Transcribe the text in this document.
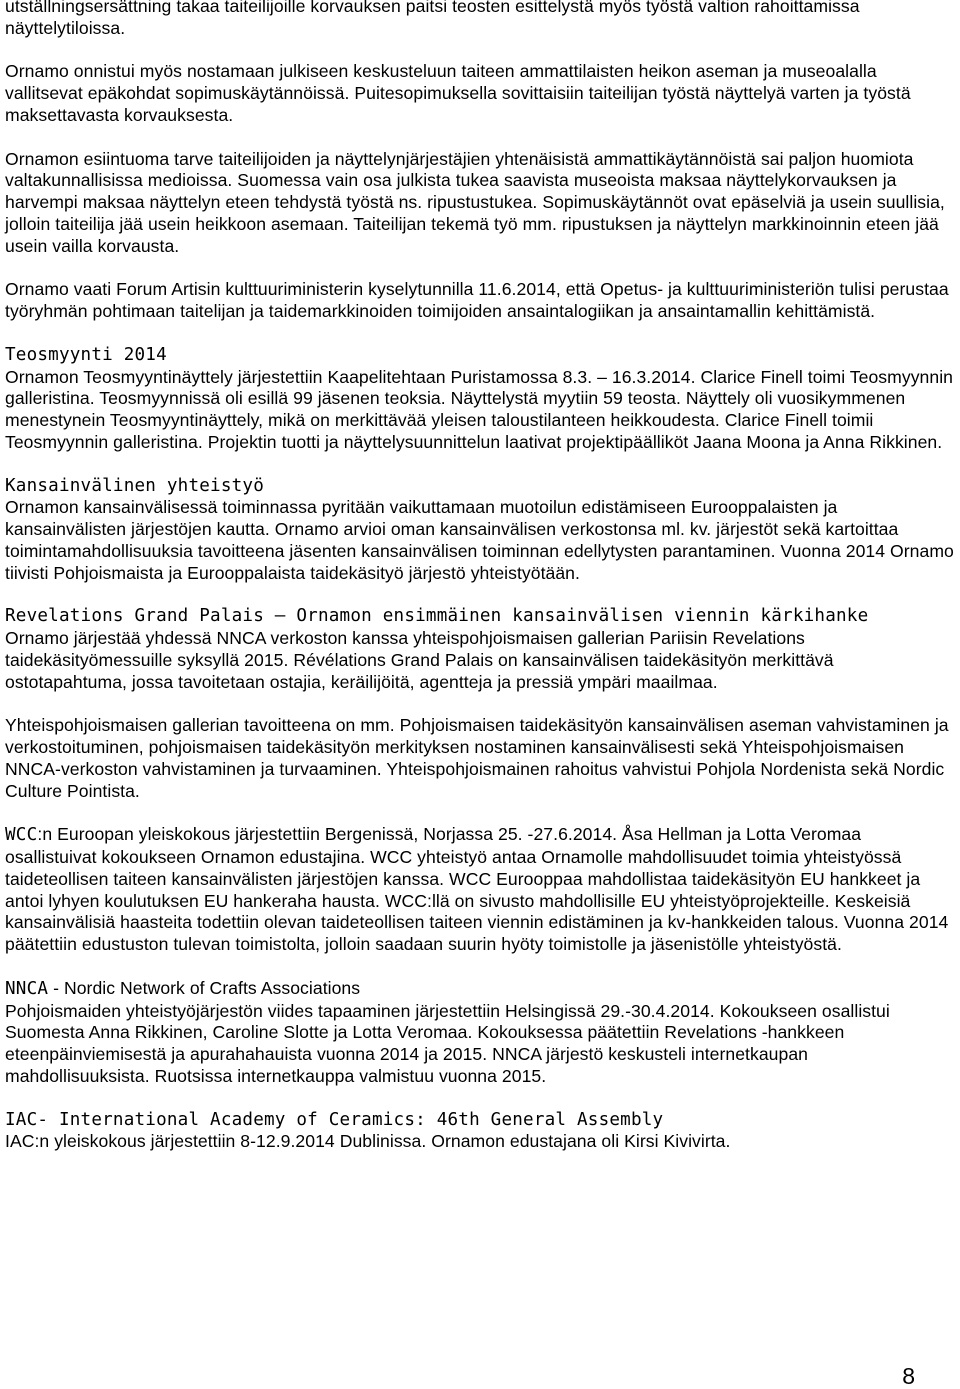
utställningsersättning takaa taiteilijoille korvauksen paitsi teosten esittelystä myös työstä valtion rahoittamissa näyttelytiloissa.

Ornamo onnistui myös nostamaan julkiseen keskusteluun taiteen ammattilaisten heikon aseman ja museoalalla vallitsevat epäkohdat sopimuskäytännöissä. Puitesopimuksella sovittaisiin taiteilijan työstä näyttelyä varten ja työstä maksettavasta korvauksesta.

Ornamon esiintuoma tarve taiteilijoiden ja näyttelynjärjestäjien yhtenäisistä ammattikäytännöistä sai paljon huomiota valtakunnallisissa medioissa. Suomessa vain osa julkista tukea saavista museoista maksaa näyttelykorvauksen ja harvempi maksaa näyttelyn eteen tehdystä työstä ns. ripustustukea. Sopimuskäytännöt ovat epäselviä ja usein suullisia, jolloin taiteilija jää usein heikkoon asemaan. Taiteilijan tekemä työ mm. ripustuksen ja näyttelyn markkinoinnin eteen jää usein vailla korvausta.

Ornamo vaati Forum Artisin kulttuuriministerin kyselytunnilla 11.6.2014, että Opetus- ja kulttuuriministeriön tulisi perustaa työryhmän pohtimaan taitelijan ja taidemarkkinoiden toimijoiden ansaintalogiikan ja ansaintamallin kehittämistä.

Teosmyynti 2014

Ornamon Teosmyyntinäyttely järjestettiin Kaapelitehtaan Puristamossa 8.3. – 16.3.2014. Clarice Finell toimi Teosmyynnin galleristina. Teosmyynnissä oli esillä 99 jäsenen teoksia. Näyttelystä myytiin 59 teosta. Näyttely oli vuosikymmenen menestynein Teosmyyntinäyttely, mikä on merkittävää yleisen taloustilanteen heikkoudesta. Clarice Finell toimii Teosmyynnin galleristina. Projektin tuotti ja näyttelysuunnittelun laativat projektipäälliköt Jaana Moona ja Anna Rikkinen.

Kansainvälinen yhteistyö

Ornamon kansainvälisessä toiminnassa pyritään vaikuttamaan muotoilun edistämiseen Eurooppalaisten ja kansainvälisten järjestöjen kautta. Ornamo arvioi oman kansainvälisen verkostonsa ml. kv. järjestöt sekä kartoittaa toimintamahdollisuuksia tavoitteena jäsenten kansainvälisen toiminnan edellytysten parantaminen. Vuonna 2014 Ornamo tiivisti Pohjoismaista ja Eurooppalaista taidekäsityö järjestö yhteistyötään.

Revelations Grand Palais – Ornamon ensimmäinen kansainvälisen viennin kärkihanke

Ornamo järjestää yhdessä NNCA verkoston kanssa yhteispohjoismaisen gallerian Pariisin Revelations taidekäsityömessuille syksyllä 2015. Révélations Grand Palais on kansainvälisen taidekäsityön merkittävä ostotapahtuma, jossa tavoitetaan ostajia, keräilijöitä, agentteja ja pressiä ympäri maailmaa.

Yhteispohjoismaisen gallerian tavoitteena on mm. Pohjoismaisen taidekäsityön kansainvälisen aseman vahvistaminen ja verkostoituminen, pohjoismaisen taidekäsityön merkityksen nostaminen kansainvälisesti sekä Yhteispohjoismaisen NNCA-verkoston vahvistaminen ja turvaaminen. Yhteispohjoismainen rahoitus vahvistui Pohjola Nordenista sekä Nordic Culture Pointista.

WCC:n Euroopan yleiskokous järjestettiin Bergenissä, Norjassa 25. -27.6.2014. Åsa Hellman ja Lotta Veromaa osallistuivat kokoukseen Ornamon edustajina. WCC yhteistyö antaa Ornamolle mahdollisuudet toimia yhteistyössä taideteollisen taiteen kansainvälisten järjestöjen kanssa. WCC Eurooppaa mahdollistaa taidekäsityön EU hankkeet ja antoi lyhyen koulutuksen EU hankeraha hausta. WCC:llä on sivusto mahdollisille EU yhteistyöprojekteille. Keskeisiä kansainvälisiä haasteita todettiin olevan taideteollisen taiteen viennin edistäminen ja kv-hankkeiden talous. Vuonna 2014 päätettiin edustuston tulevan toimistolta, jolloin saadaan suurin hyöty toimistolle ja jäsenistölle yhteistyöstä.

NNCA - Nordic Network of Crafts Associations

Pohjoismaiden yhteistyöjärjestön viides tapaaminen järjestettiin Helsingissä 29.-30.4.2014. Kokoukseen osallistui Suomesta Anna Rikkinen, Caroline Slotte ja Lotta Veromaa. Kokouksessa päätettiin Revelations -hankkeen eteenpäinviemisestä ja apurahahauista vuonna 2014 ja 2015. NNCA järjestö keskusteli internetkaupan mahdollisuuksista. Ruotsissa internetkauppa valmistuu vuonna 2015.

IAC- International Academy of Ceramics: 46th General Assembly

IAC:n yleiskokous järjestettiin 8-12.9.2014 Dublinissa. Ornamon edustajana oli Kirsi Kivivirta.

8
